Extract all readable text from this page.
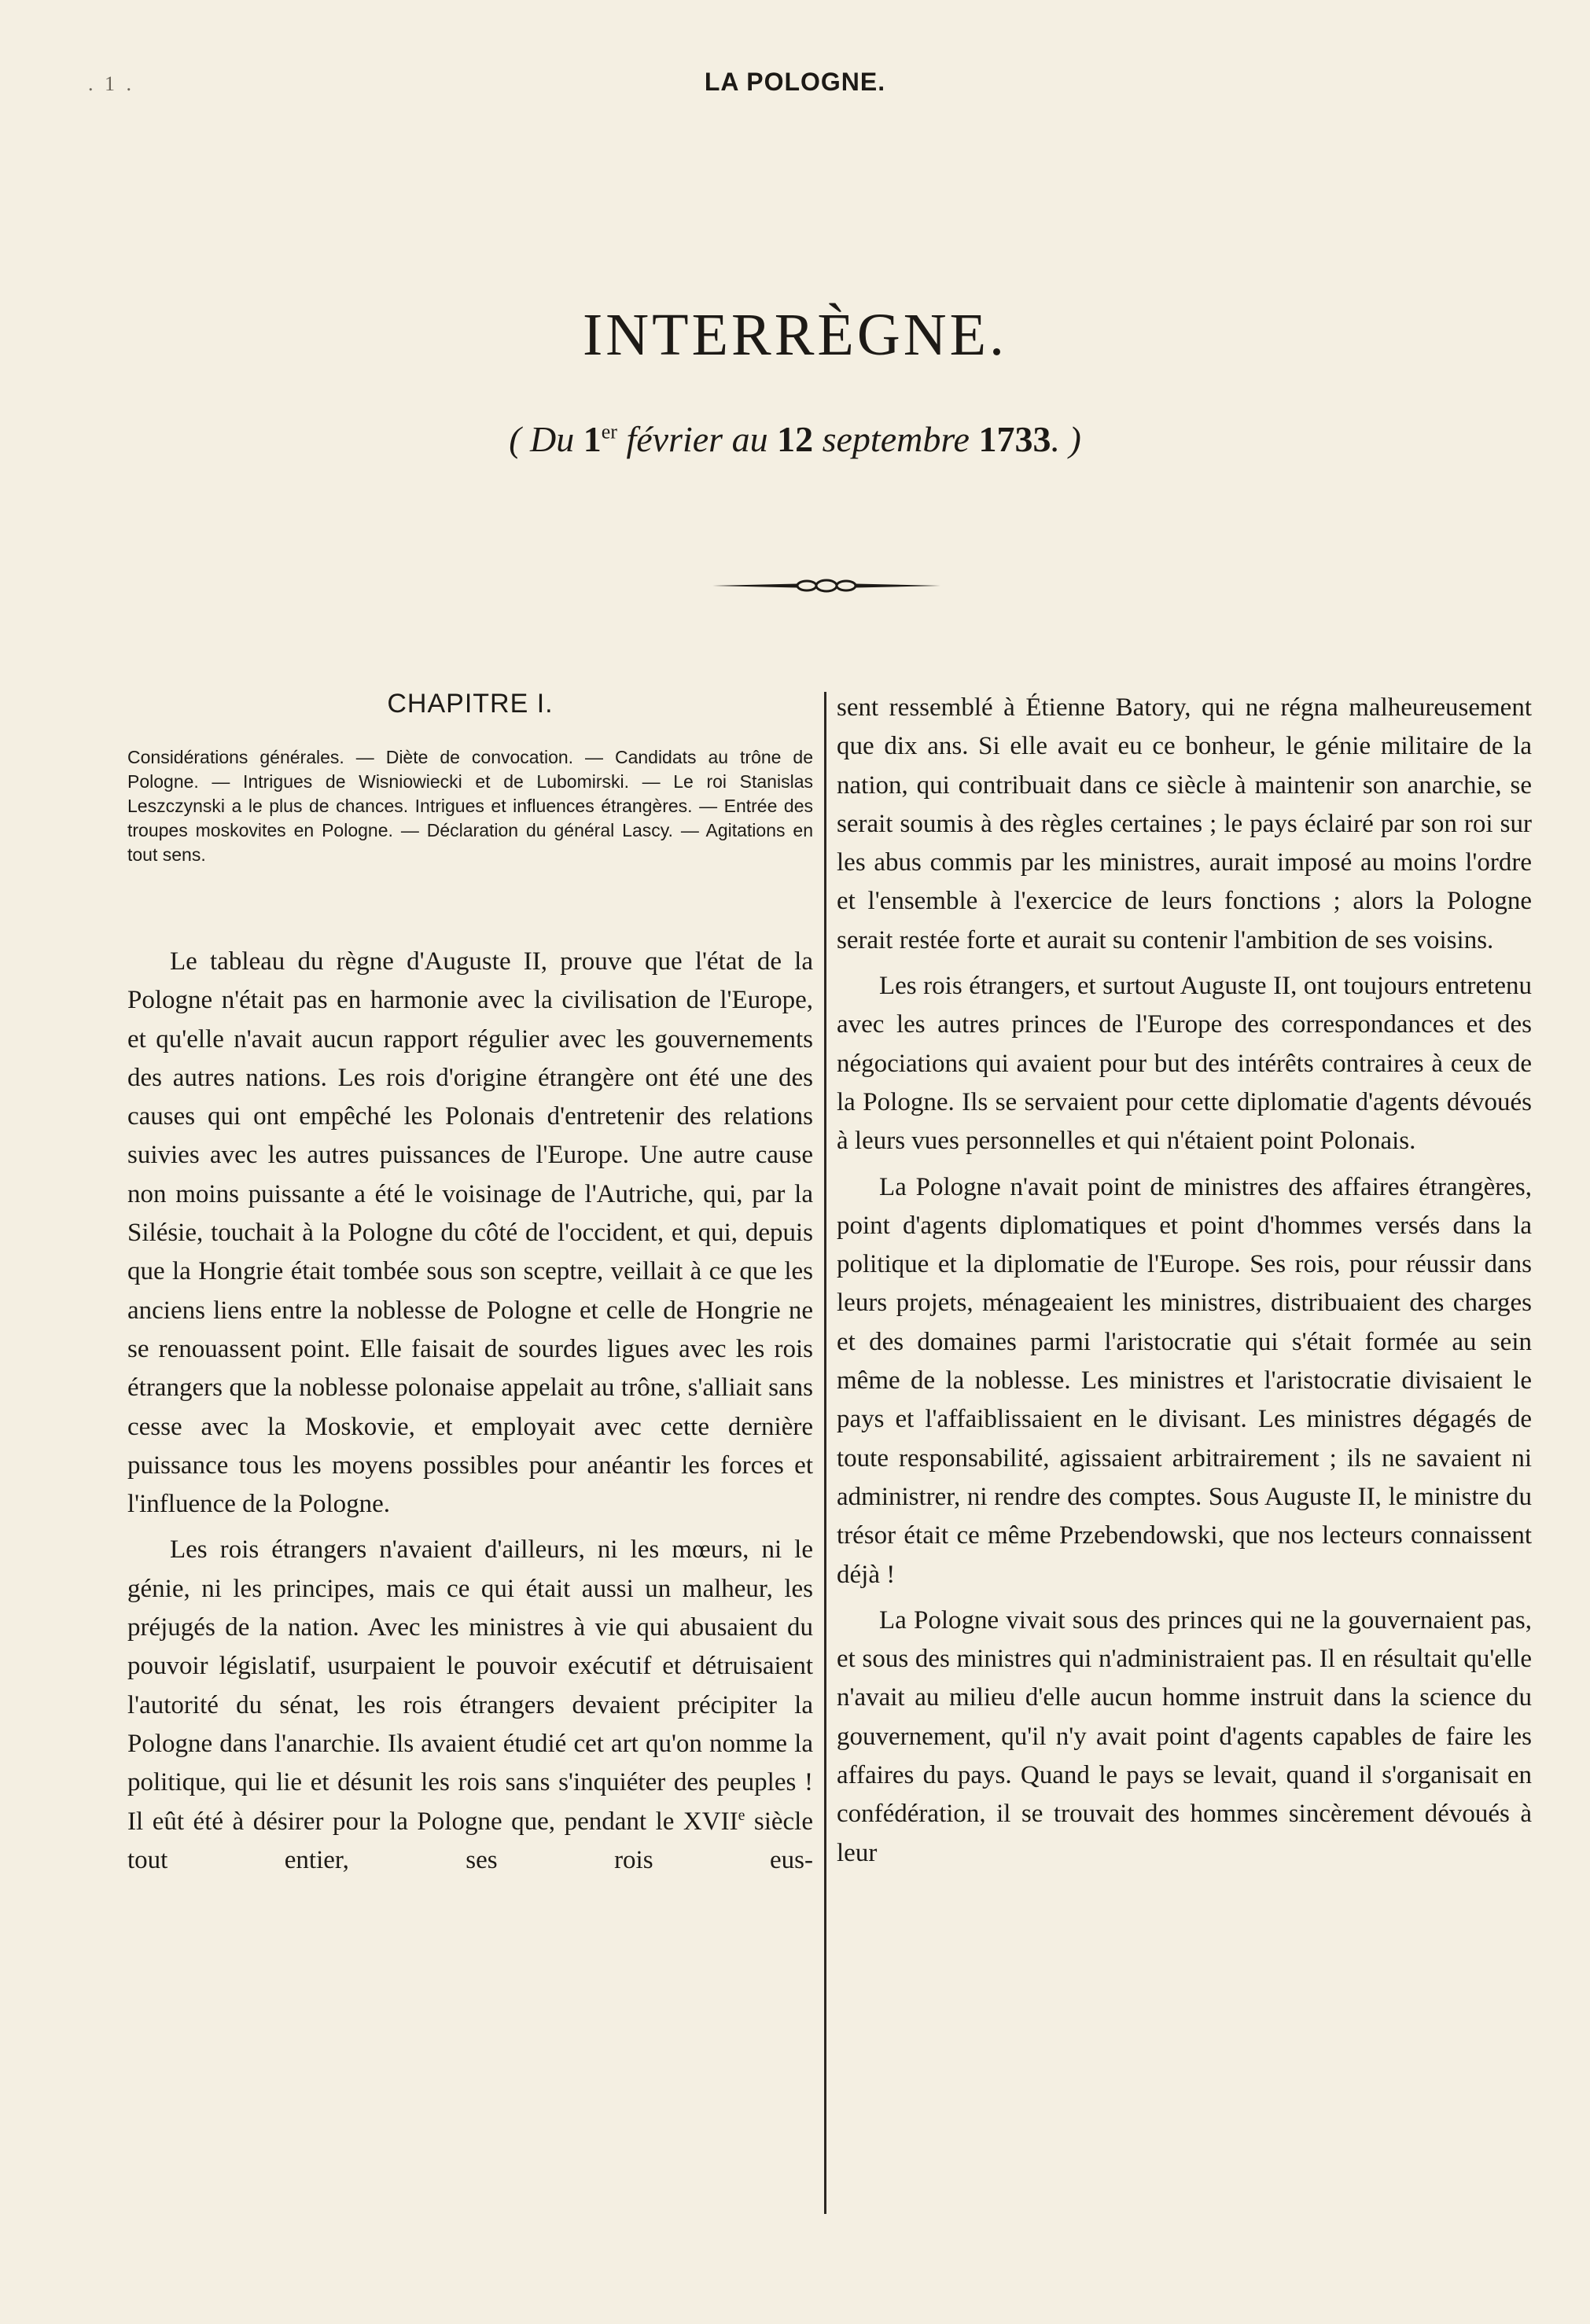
. 1 .	LA POLOGNE.
INTERRÈGNE.
( Du 1er février au 12 septembre 1733. )
CHAPITRE I.
Considérations générales. — Diète de convocation. — Candidats au trône de Pologne. — Intrigues de Wisniowiecki et de Lubomirski. — Le roi Stanislas Leszczynski a le plus de chances. Intrigues et influences étrangères. — Entrée des troupes moskovites en Pologne. — Déclaration du général Lascy. — Agitations en tout sens.

Le tableau du règne d'Auguste II, prouve que l'état de la Pologne n'était pas en harmonie avec la civilisation de l'Europe, et qu'elle n'avait aucun rapport régulier avec les gouvernements des autres nations. Les rois d'origine étrangère ont été une des causes qui ont empêché les Polonais d'entretenir des relations suivies avec les autres puissances de l'Europe. Une autre cause non moins puissante a été le voisinage de l'Autriche, qui, par la Silésie, touchait à la Pologne du côté de l'occident, et qui, depuis que la Hongrie était tombée sous son sceptre, veillait à ce que les anciens liens entre la noblesse de Pologne et celle de Hongrie ne se renouassent point. Elle faisait de sourdes ligues avec les rois étrangers que la noblesse polonaise appelait au trône, s'alliait sans cesse avec la Moskovie, et employait avec cette dernière puissance tous les moyens possibles pour anéantir les forces et l'influence de la Pologne.

Les rois étrangers n'avaient d'ailleurs, ni les mœurs, ni le génie, ni les principes, mais ce qui était aussi un malheur, les préjugés de la nation. Avec les ministres à vie qui abusaient du pouvoir législatif, usurpaient le pouvoir exécutif et détruisaient l'autorité du sénat, les rois étrangers devaient précipiter la Pologne dans l'anarchie. Ils avaient étudié cet art qu'on nomme la politique, qui lie et désunit les rois sans s'inquiéter des peuples ! Il eût été à désirer pour la Pologne que, pendant le XVIIe siècle tout entier, ses rois eus-

sent ressemblé à Étienne Batory, qui ne régna malheureusement que dix ans. Si elle avait eu ce bonheur, le génie militaire de la nation, qui contribuait dans ce siècle à maintenir son anarchie, se serait soumis à des règles certaines ; le pays éclairé par son roi sur les abus commis par les ministres, aurait imposé au moins l'ordre et l'ensemble à l'exercice de leurs fonctions ; alors la Pologne serait restée forte et aurait su contenir l'ambition de ses voisins.

Les rois étrangers, et surtout Auguste II, ont toujours entretenu avec les autres princes de l'Europe des correspondances et des négociations qui avaient pour but des intérêts contraires à ceux de la Pologne. Ils se servaient pour cette diplomatie d'agents dévoués à leurs vues personnelles et qui n'étaient point Polonais.

La Pologne n'avait point de ministres des affaires étrangères, point d'agents diplomatiques et point d'hommes versés dans la politique et la diplomatie de l'Europe. Ses rois, pour réussir dans leurs projets, ménageaient les ministres, distribuaient des charges et des domaines parmi l'aristocratie qui s'était formée au sein même de la noblesse. Les ministres et l'aristocratie divisaient le pays et l'affaiblissaient en le divisant. Les ministres dégagés de toute responsabilité, agissaient arbitrairement ; ils ne savaient ni administrer, ni rendre des comptes. Sous Auguste II, le ministre du trésor était ce même Przebendowski, que nos lecteurs connaissent déjà !

La Pologne vivait sous des princes qui ne la gouvernaient pas, et sous des ministres qui n'administraient pas. Il en résultait qu'elle n'avait au milieu d'elle aucun homme instruit dans la science du gouvernement, qu'il n'y avait point d'agents capables de faire les affaires du pays. Quand le pays se levait, quand il s'organisait en confédération, il se trouvait des hommes sincèrement dévoués à leur
